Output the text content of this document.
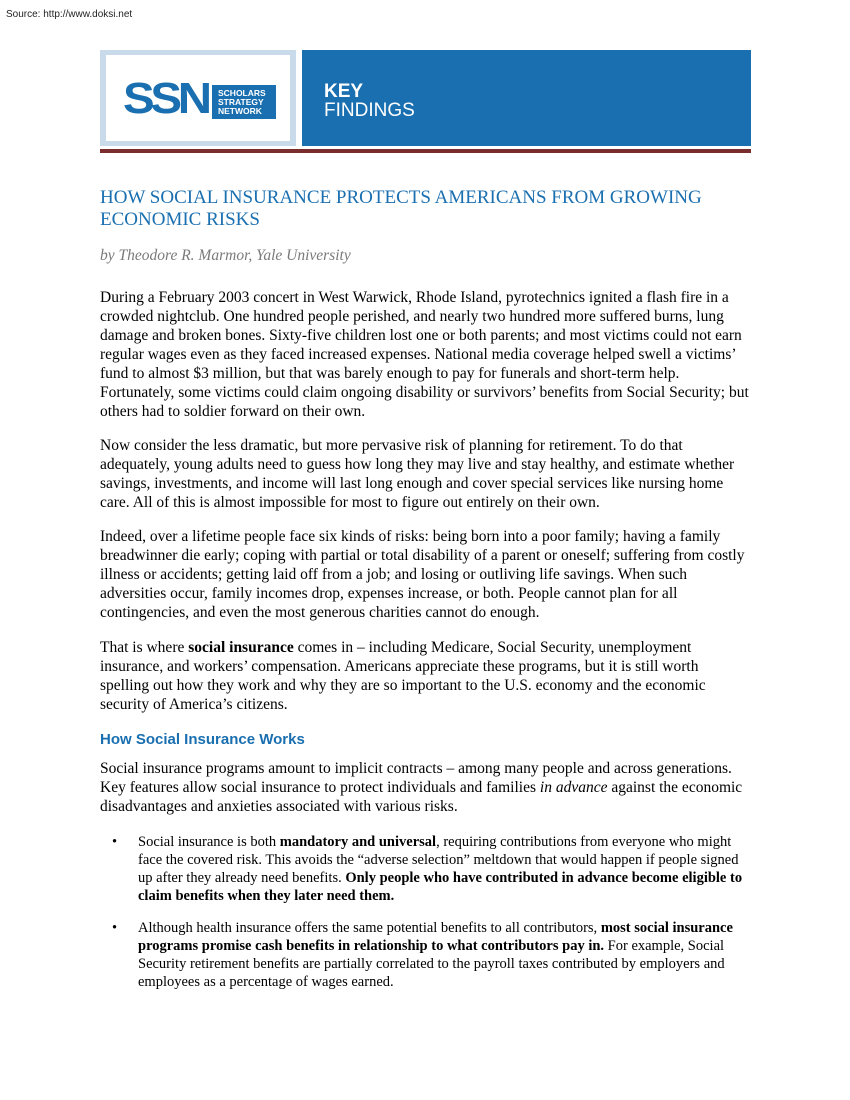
Source: http://www.doksi.net
SSN SCHOLARS
STRATEGY
NETWORK
KEY
FINDINGS
HOW SOCIAL INSURANCE PROTECTS AMERICANS FROM GROWING ECONOMIC RISKS

by Theodore R. Marmor, Yale University

During a February 2003 concert in West Warwick, Rhode Island, pyrotechnics ignited a flash fire in a crowded nightclub. One hundred people perished, and nearly two hundred more suffered burns, lung damage and broken bones. Sixty-five children lost one or both parents; and most victims could not earn regular wages even as they faced increased expenses. National media coverage helped swell a victims’ fund to almost $3 million, but that was barely enough to pay for funerals and short-term help. Fortunately, some victims could claim ongoing disability or survivors’ benefits from Social Security; but others had to soldier forward on their own.

Now consider the less dramatic, but more pervasive risk of planning for retirement. To do that adequately, young adults need to guess how long they may live and stay healthy, and estimate whether savings, investments, and income will last long enough and cover special services like nursing home care. All of this is almost impossible for most to figure out entirely on their own.

Indeed, over a lifetime people face six kinds of risks: being born into a poor family; having a family breadwinner die early; coping with partial or total disability of a parent or oneself; suffering from costly illness or accidents; getting laid off from a job; and losing or outliving life savings. When such adversities occur, family incomes drop, expenses increase, or both. People cannot plan for all contingencies, and even the most generous charities cannot do enough.

That is where social insurance comes in – including Medicare, Social Security, unemployment insurance, and workers’ compensation. Americans appreciate these programs, but it is still worth spelling out how they work and why they are so important to the U.S. economy and the economic security of America’s citizens.

How Social Insurance Works

Social insurance programs amount to implicit contracts – among many people and across generations. Key features allow social insurance to protect individuals and families in advance against the economic disadvantages and anxieties associated with various risks.

• Social insurance is both mandatory and universal, requiring contributions from everyone who might face the covered risk. This avoids the “adverse selection” meltdown that would happen if people signed up after they already need benefits. Only people who have contributed in advance become eligible to claim benefits when they later need them.
• Although health insurance offers the same potential benefits to all contributors, most social insurance programs promise cash benefits in relationship to what contributors pay in. For example, Social Security retirement benefits are partially correlated to the payroll taxes contributed by employers and employees as a percentage of wages earned.
